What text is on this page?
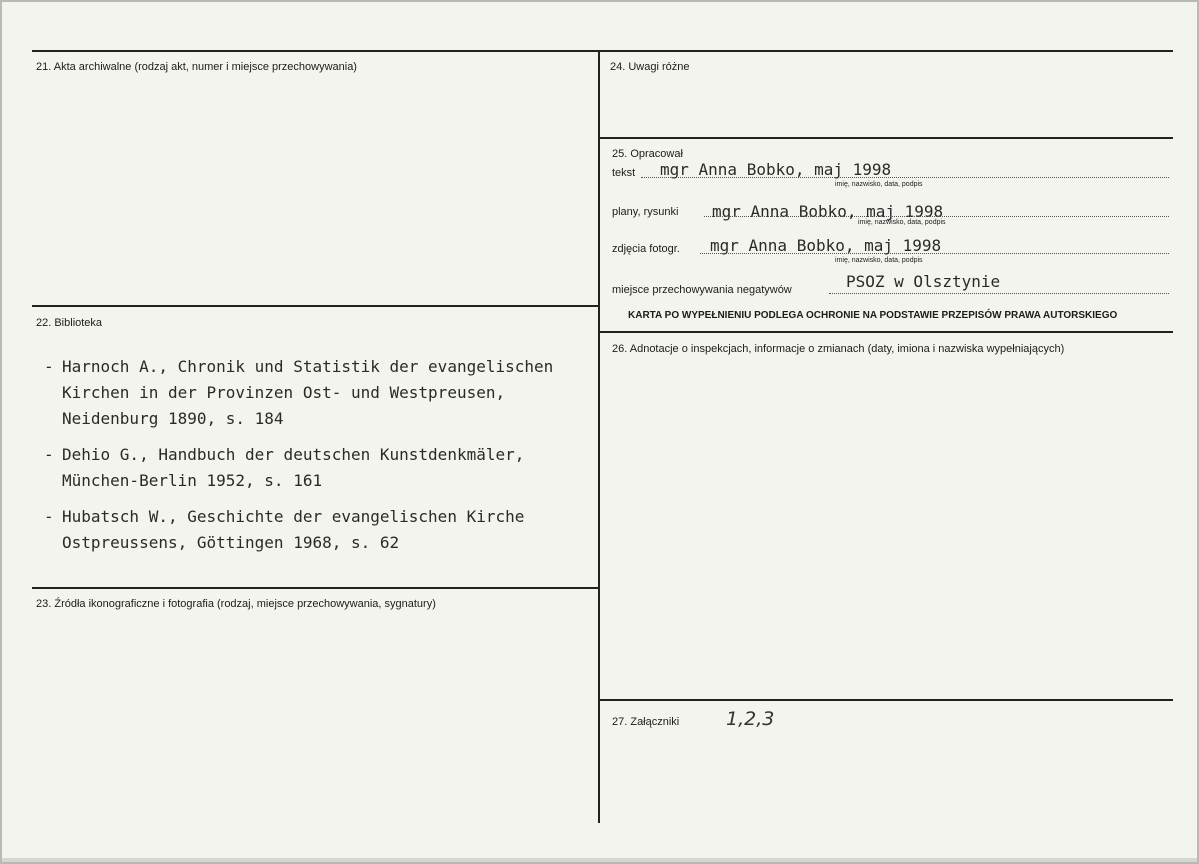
21. Akta archiwalne (rodzaj akt, numer i miejsce przechowywania)
22. Biblioteka
- Harnoch A., Chronik und Statistik der evangelischen
Kirchen in der Provinzen Ost- und Westpreusen,
Neidenburg 1890, s. 184
- Dehio G., Handbuch der deutschen Kunstdenkmäler,
München-Berlin 1952, s. 161
- Hubatsch W., Geschichte der evangelischen Kirche
Ostpreussens, Göttingen 1968, s. 62
23. Źródła ikonograficzne i fotografia (rodzaj, miejsce przechowywania, sygnatury)
24. Uwagi różne
25. Opracował
tekst mgr Anna Bobko, maj 1998
imię, nazwisko, data, podpis
plany, rysunki mgr Anna Bobko, maj 1998
imię, nazwisko, data, podpis
zdjęcia fotogr. mgr Anna Bobko, maj 1998
imię, nazwisko, data, podpis
miejsce przechowywania negatywów	PSOZ w Olsztynie
KARTA PO WYPEŁNIENIU PODLEGA OCHRONIE NA PODSTAWIE PRZEPISÓW PRAWA AUTORSKIEGO
26. Adnotacje o inspekcjach, informacje o zmianach (daty, imiona i nazwiska wypełniających)
27. Załączniki 1,2,3
